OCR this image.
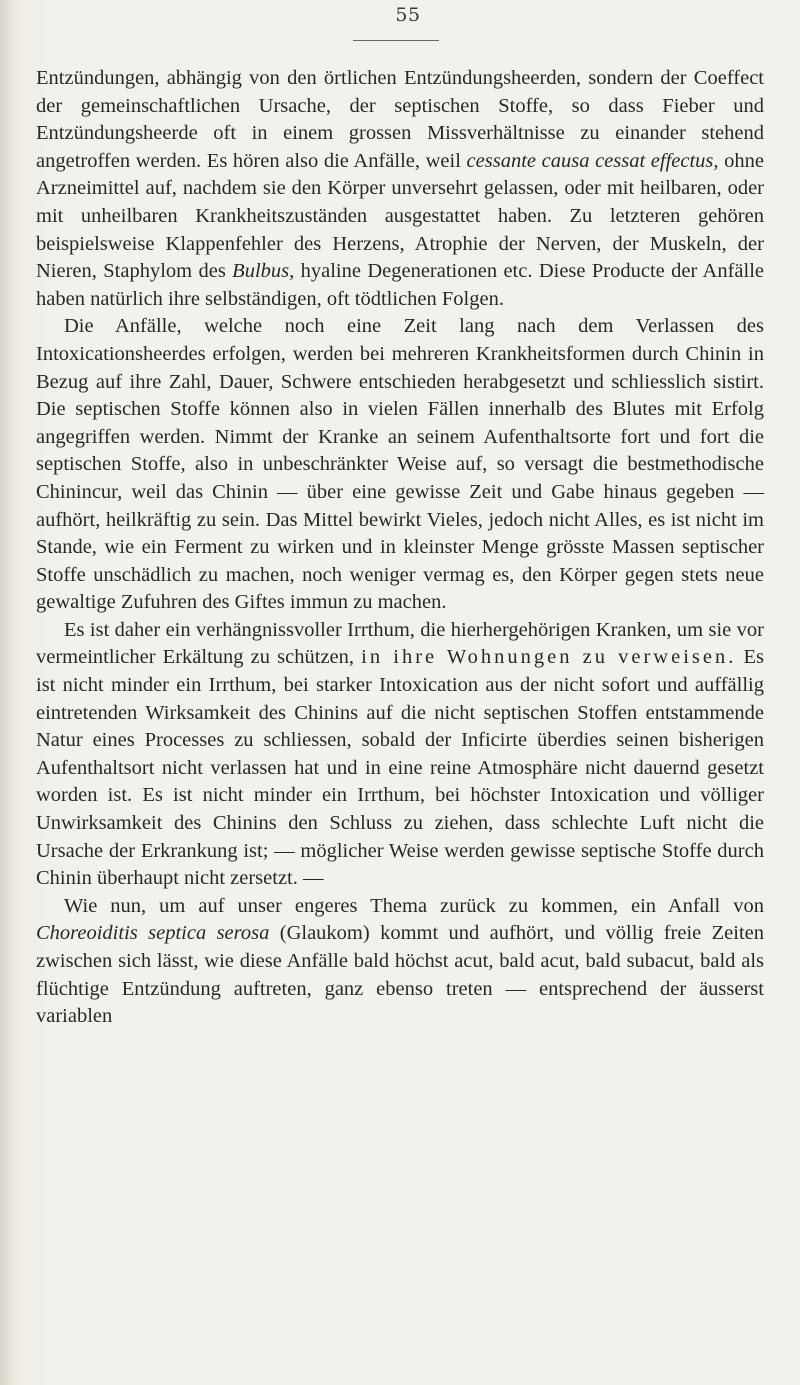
55

Entzündungen, abhängig von den örtlichen Entzündungsheerden, sondern der Coeffect der gemeinschaftlichen Ursache, der septischen Stoffe, so dass Fieber und Entzündungsheerde oft in einem grossen Missverhältnisse zu einander stehend angetroffen werden. Es hören also die Anfälle, weil cessante causa cessat effectus, ohne Arzneimittel auf, nachdem sie den Körper unversehrt gelassen, oder mit heilbaren, oder mit unheilbaren Krankheitszuständen ausgestattet haben. Zu letzteren gehören beispielsweise Klappenfehler des Herzens, Atrophie der Nerven, der Muskeln, der Nieren, Staphylom des Bulbus, hyaline Degenerationen etc. Diese Producte der Anfälle haben natürlich ihre selbständigen, oft tödtlichen Folgen.

Die Anfälle, welche noch eine Zeit lang nach dem Verlassen des Intoxicationsheerdes erfolgen, werden bei mehreren Krankheitsformen durch Chinin in Bezug auf ihre Zahl, Dauer, Schwere entschieden herabgesetzt und schliesslich sistirt. Die septischen Stoffe können also in vielen Fällen innerhalb des Blutes mit Erfolg angegriffen werden. Nimmt der Kranke an seinem Aufenthaltsorte fort und fort die septischen Stoffe, also in unbeschränkter Weise auf, so versagt die bestmethodische Chinincur, weil das Chinin — über eine gewisse Zeit und Gabe hinaus gegeben — aufhört, heilkräftig zu sein. Das Mittel bewirkt Vieles, jedoch nicht Alles, es ist nicht im Stande, wie ein Ferment zu wirken und in kleinster Menge grösste Massen septischer Stoffe unschädlich zu machen, noch weniger vermag es, den Körper gegen stets neue gewaltige Zufuhren des Giftes immun zu machen.

Es ist daher ein verhängnissvoller Irrthum, die hierhergehörigen Kranken, um sie vor vermeintlicher Erkältung zu schützen, in ihre Wohnungen zu verweisen. Es ist nicht minder ein Irrthum, bei starker Intoxication aus der nicht sofort und auffällig eintretenden Wirksamkeit des Chinins auf die nicht septischen Stoffen entstammende Natur eines Processes zu schliessen, sobald der Inficirte überdies seinen bisherigen Aufenthaltsort nicht verlassen hat und in eine reine Atmosphäre nicht dauernd gesetzt worden ist. Es ist nicht minder ein Irrthum, bei höchster Intoxication und völliger Unwirksamkeit des Chinins den Schluss zu ziehen, dass schlechte Luft nicht die Ursache der Erkrankung ist; — möglicher Weise werden gewisse septische Stoffe durch Chinin überhaupt nicht zersetzt. —

Wie nun, um auf unser engeres Thema zurück zu kommen, ein Anfall von Choreoiditis septica serosa (Glaukom) kommt und aufhört, und völlig freie Zeiten zwischen sich lässt, wie diese Anfälle bald höchst acut, bald acut, bald subacut, bald als flüchtige Entzündung auftreten, ganz ebenso treten — entsprechend der äusserst variablen
